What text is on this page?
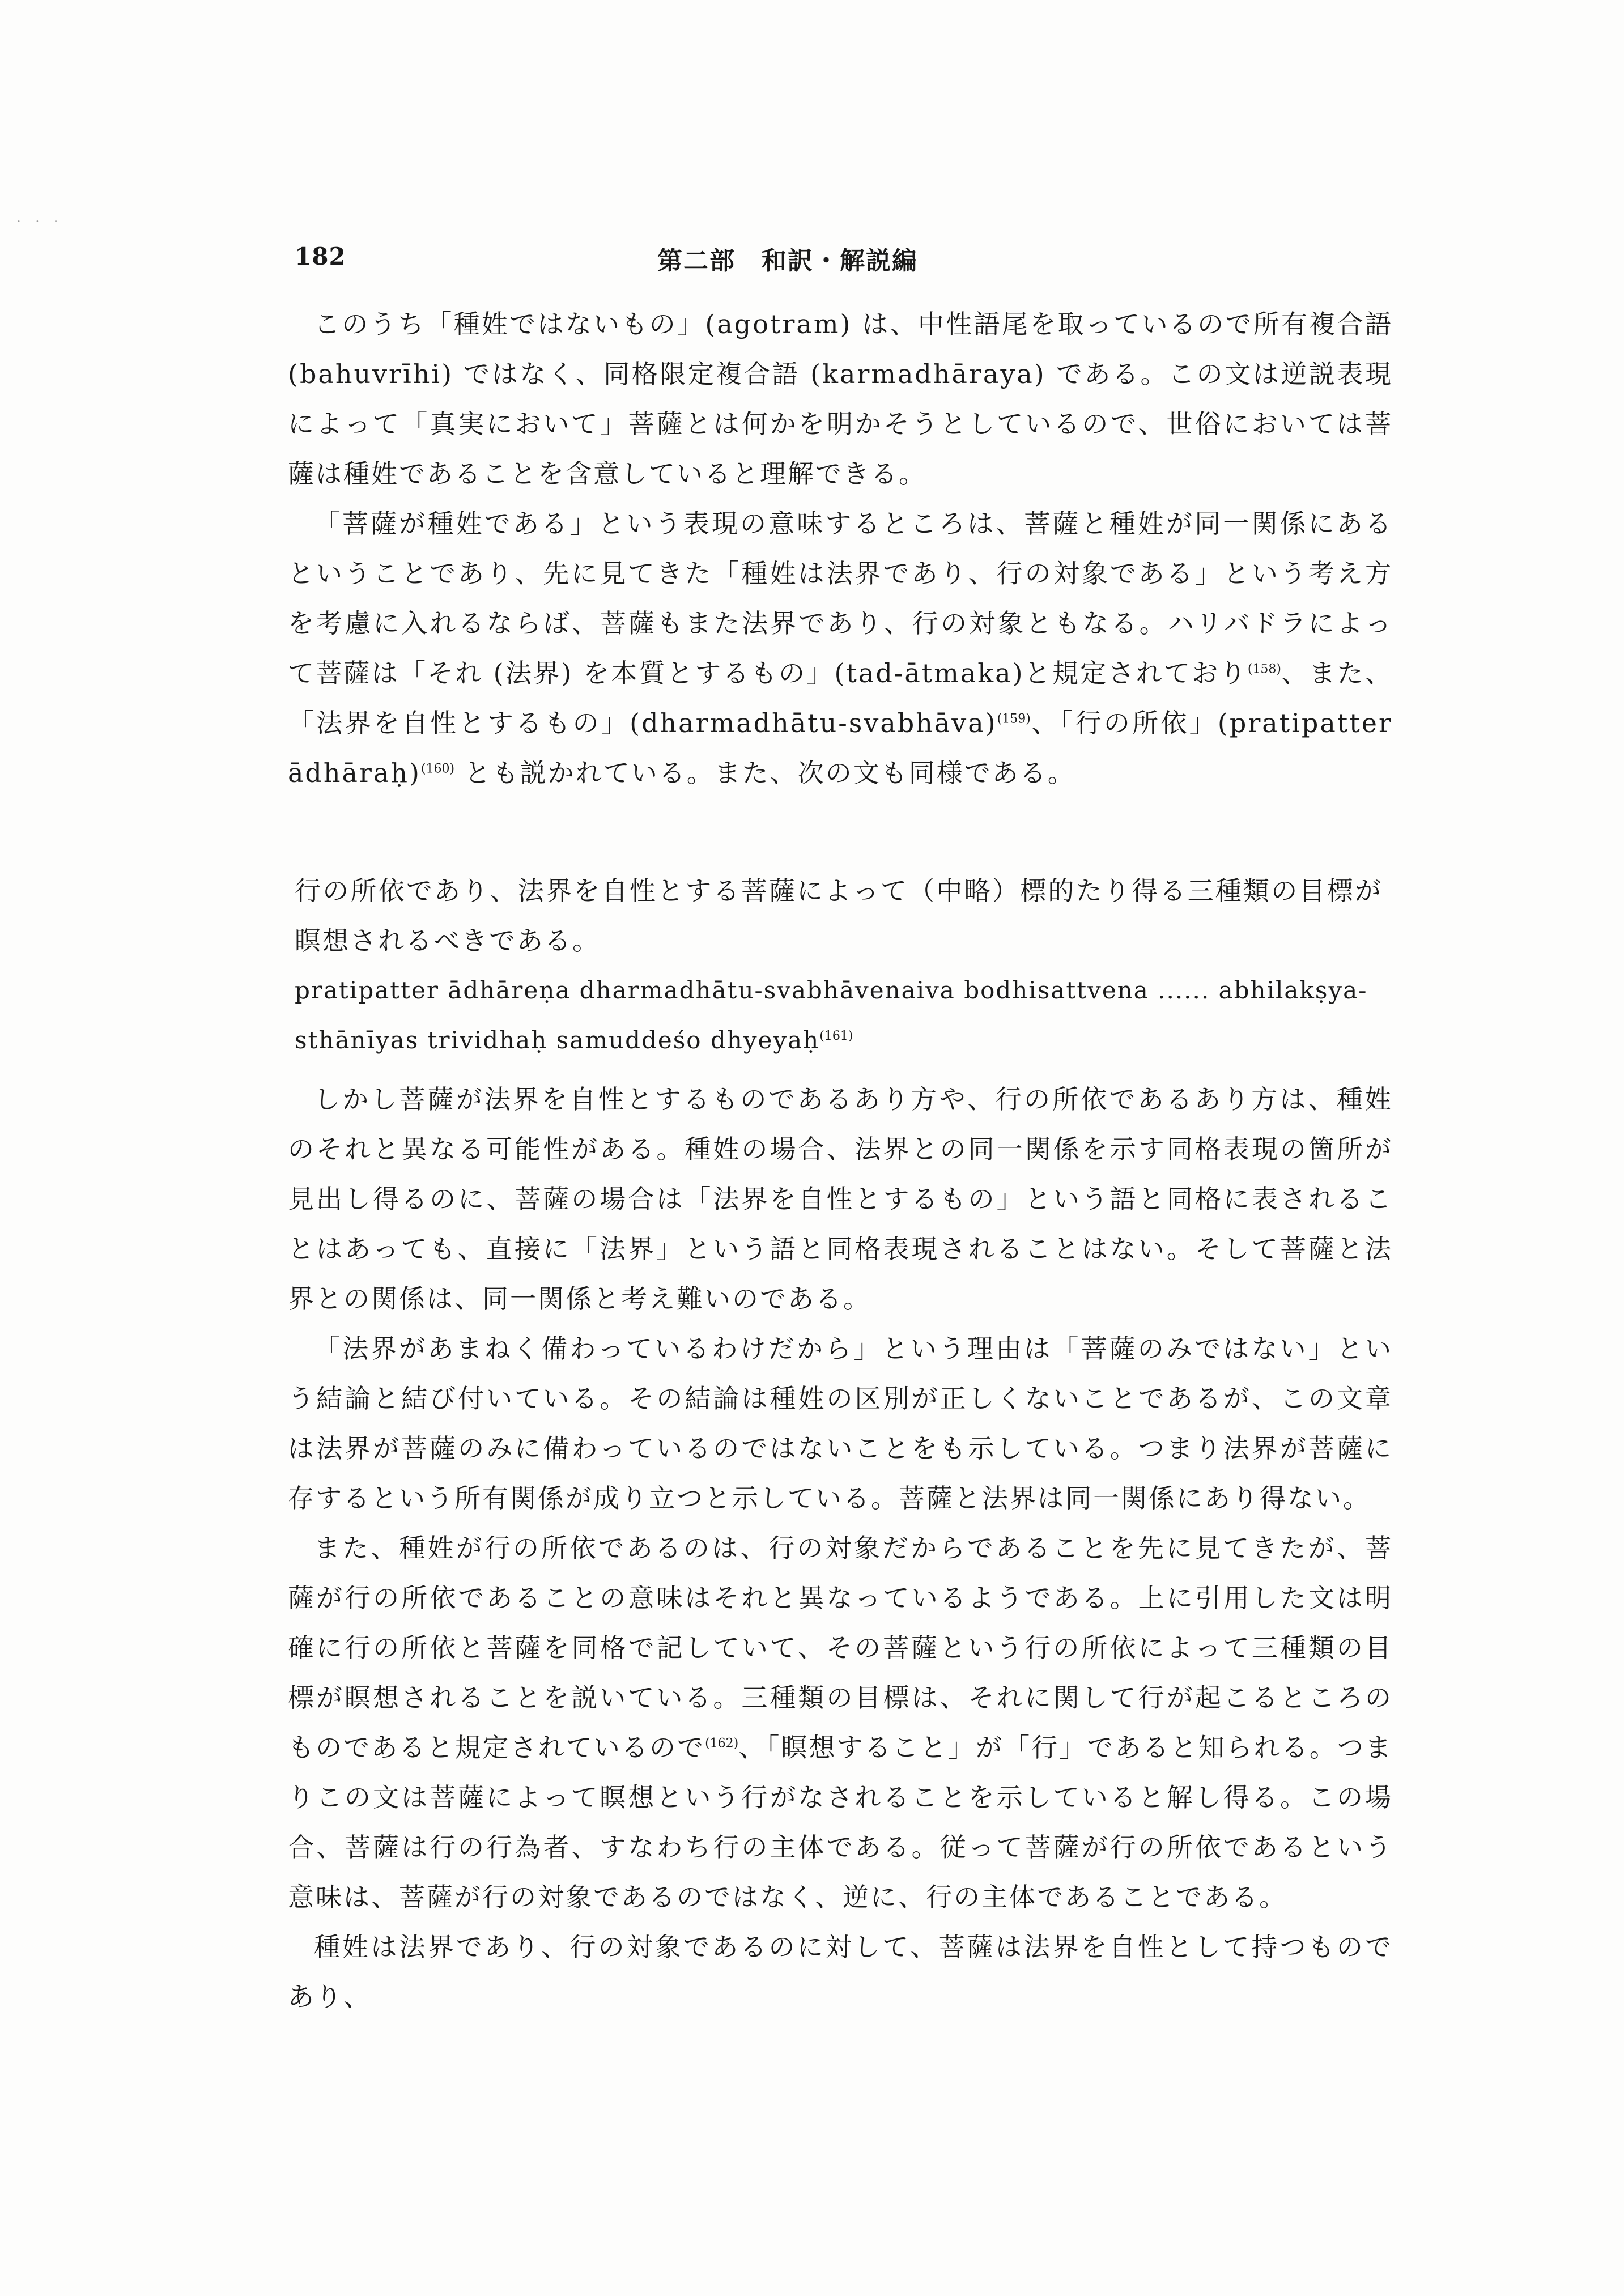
· · ·
182	第二部　和訳・解説編

このうち「種姓ではないもの」(agotram) は、中性語尾を取っているので所有複合語 (bahuvrīhi) ではなく、同格限定複合語 (karmadhāraya) である。この文は逆説表現によって「真実において」菩薩とは何かを明かそうとしているので、世俗においては菩薩は種姓であることを含意していると理解できる。

「菩薩が種姓である」という表現の意味するところは、菩薩と種姓が同一関係にあるということであり、先に見てきた「種姓は法界であり、行の対象である」という考え方を考慮に入れるならば、菩薩もまた法界であり、行の対象ともなる。ハリバドラによって菩薩は「それ (法界) を本質とするもの」(tad-ātmaka)と規定されており$^{(158)}$、また、「法界を自性とするもの」(dharmadhātu-svabhāva)$^{(159)}$、「行の所依」(pratipatter ādhāraḥ)$^{(160)}$ とも説かれている。また、次の文も同様である。

行の所依であり、法界を自性とする菩薩によって（中略）標的たり得る三種類の目標が瞑想されるべきである。

pratipatter ādhāreṇa dharmadhātu-svabhāvenaiva bodhisattvena ...... abhilakṣya-

sthānīyas trividhaḥ samuddeśo dhyeyaḥ$^{(161)}$

しかし菩薩が法界を自性とするものであるあり方や、行の所依であるあり方は、種姓のそれと異なる可能性がある。種姓の場合、法界との同一関係を示す同格表現の箇所が見出し得るのに、菩薩の場合は「法界を自性とするもの」という語と同格に表されることはあっても、直接に「法界」という語と同格表現されることはない。そして菩薩と法界との関係は、同一関係と考え難いのである。

「法界があまねく備わっているわけだから」という理由は「菩薩のみではない」という結論と結び付いている。その結論は種姓の区別が正しくないことであるが、この文章は法界が菩薩のみに備わっているのではないことをも示している。つまり法界が菩薩に存するという所有関係が成り立つと示している。菩薩と法界は同一関係にあり得ない。

また、種姓が行の所依であるのは、行の対象だからであることを先に見てきたが、菩薩が行の所依であることの意味はそれと異なっているようである。上に引用した文は明確に行の所依と菩薩を同格で記していて、その菩薩という行の所依によって三種類の目標が瞑想されることを説いている。三種類の目標は、それに関して行が起こるところのものであると規定されているので$^{(162)}$、「瞑想すること」が「行」であると知られる。つまりこの文は菩薩によって瞑想という行がなされることを示していると解し得る。この場合、菩薩は行の行為者、すなわち行の主体である。従って菩薩が行の所依であるという意味は、菩薩が行の対象であるのではなく、逆に、行の主体であることである。

種姓は法界であり、行の対象であるのに対して、菩薩は法界を自性として持つものであり、
